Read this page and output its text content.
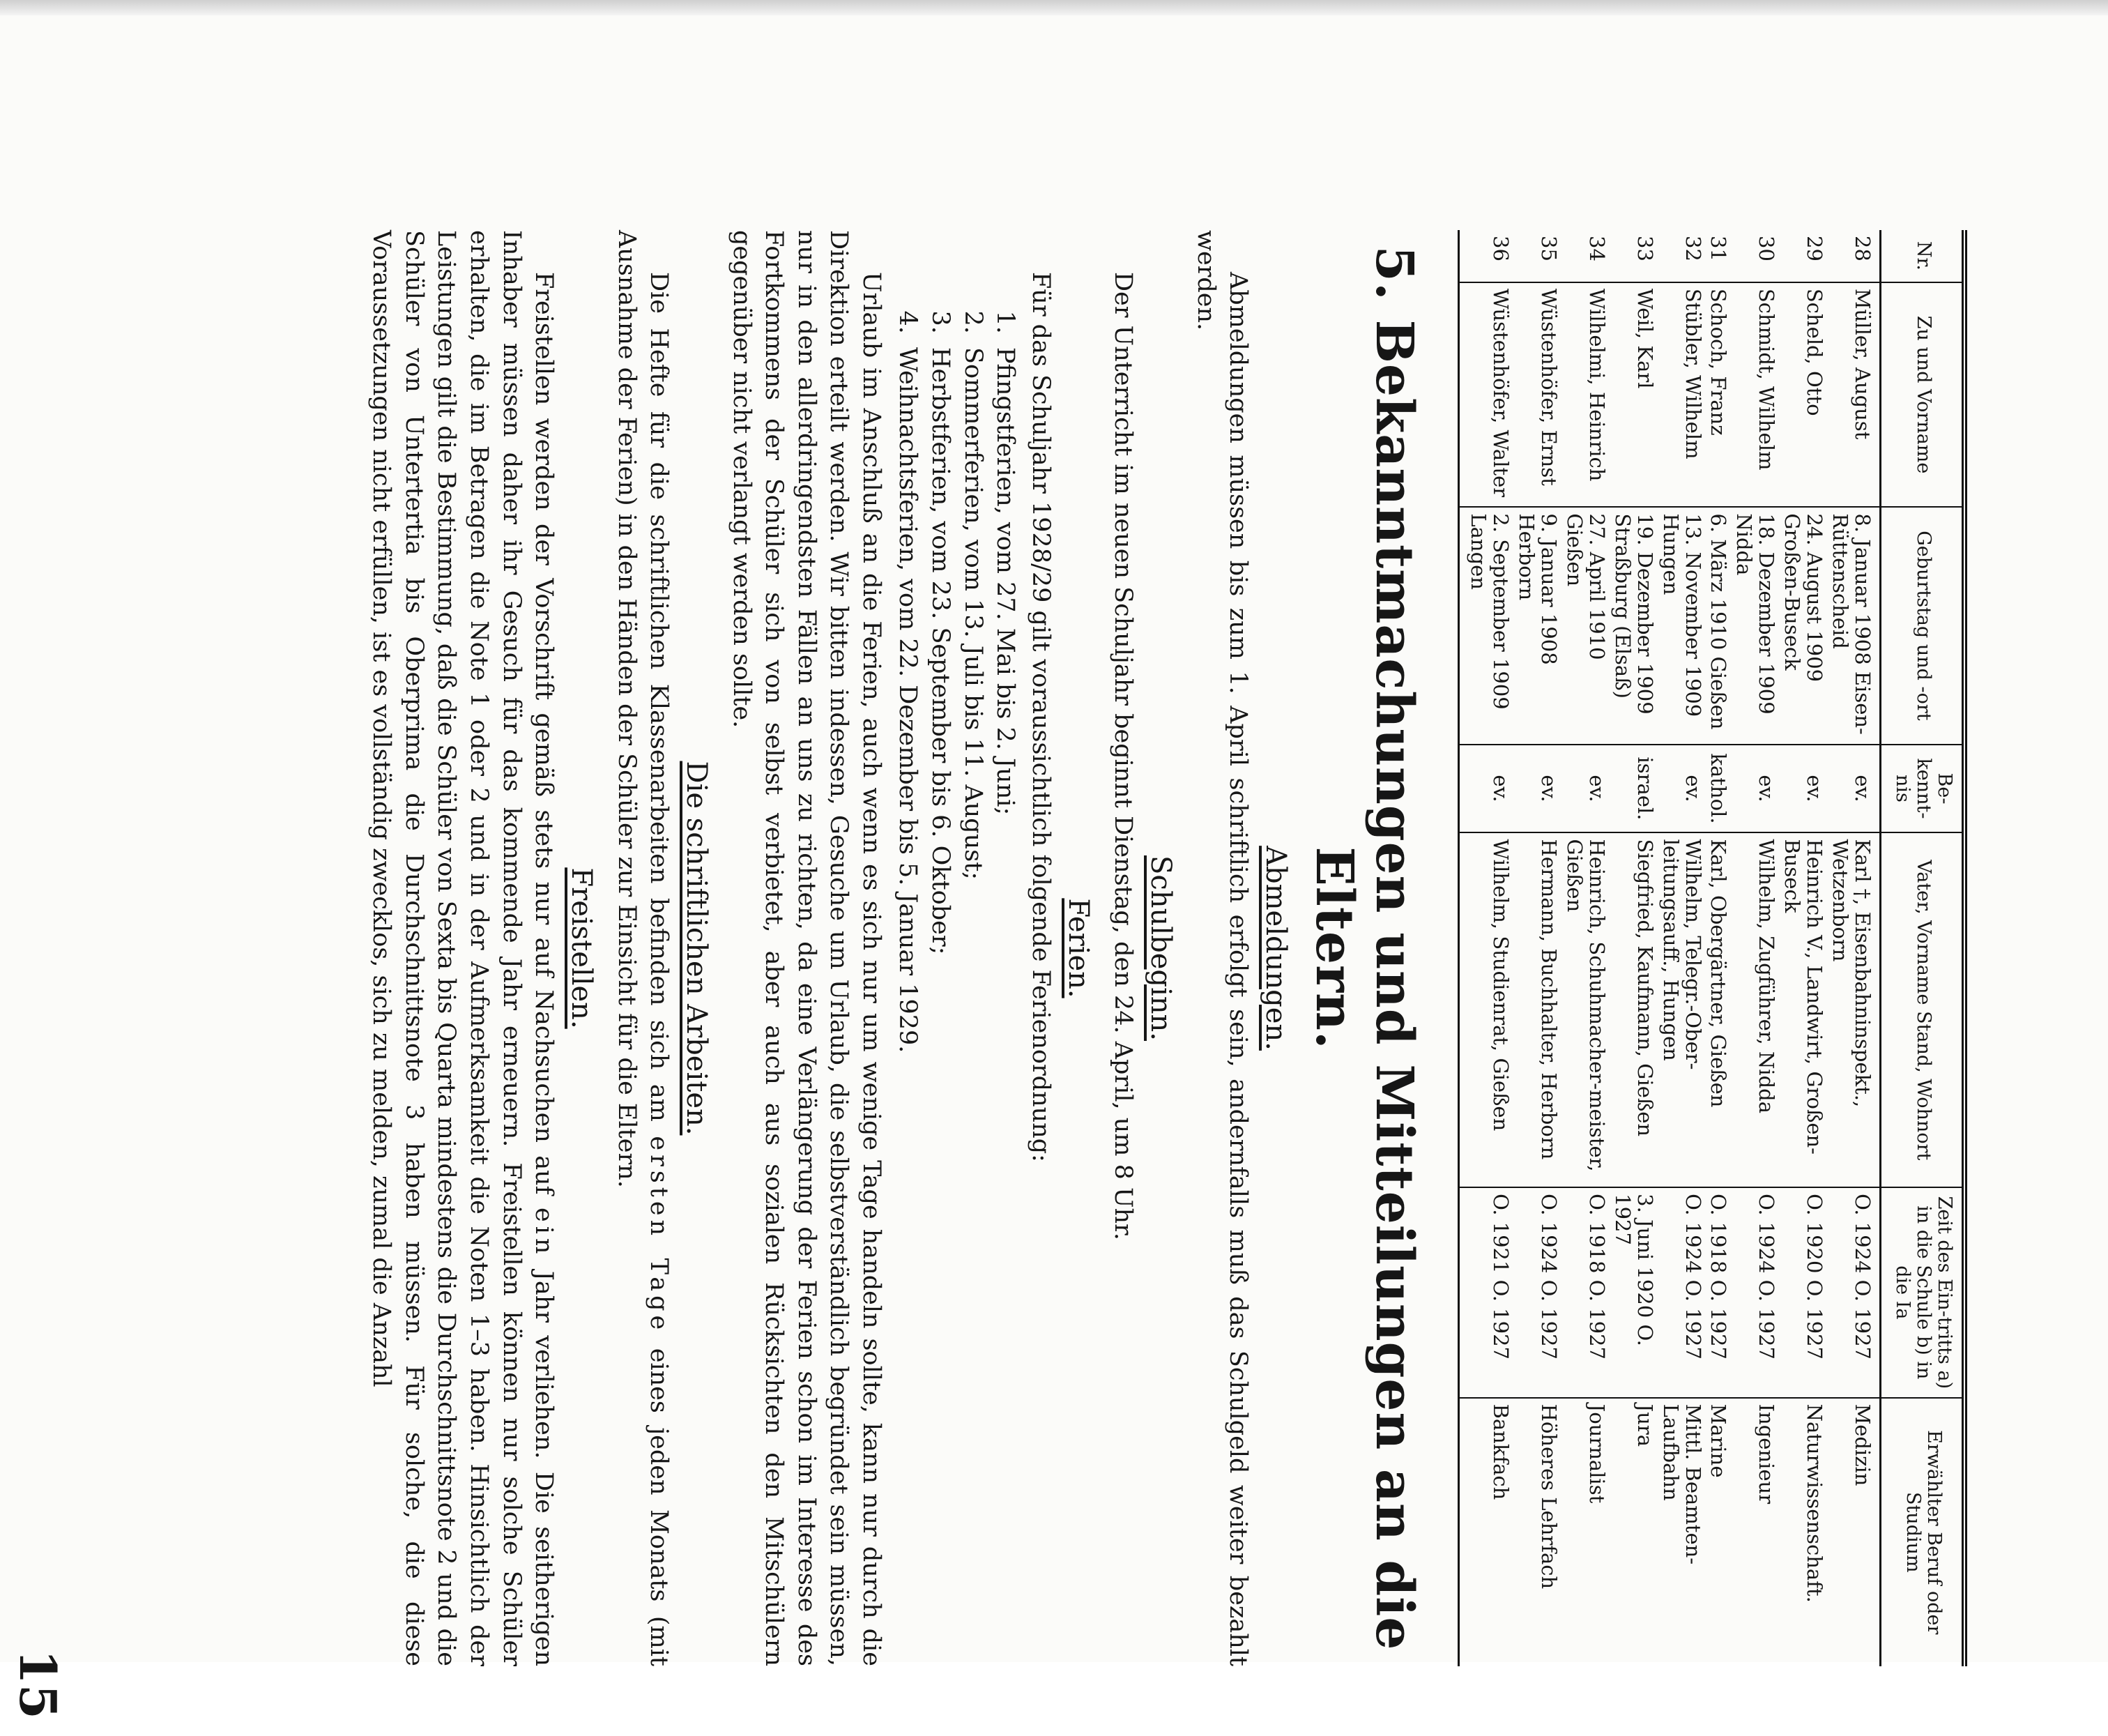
Nr.	Zu und Vorname	Geburtstag und -ort	Be-kennt-nis	Vater, Vorname Stand, Wohnort	Zeit des Ein-tritts a) in die Schule b) in die Ia	Erwählter Beruf oder Studium
28	Müller, August	8. Januar 1908 Eisen-Rüttenscheid	ev.	Karl †, Eisenbahninspekt., Wetzenborn	O. 1924 O. 1927	Medizin
29	Scheld, Otto	24. August 1909 Großen-Buseck	ev.	Heinrich V., Landwirt, Großen-Buseck	O. 1920 O. 1927	Naturwissenschaft.
30	Schmidt, Wilhelm	18. Dezember 1909 Nidda	ev.	Wilhelm, Zugführer, Nidda	O. 1924 O. 1927	Ingenieur
31	Schoch, Franz	6. März 1910 Gießen	kathol.	Karl, Obergärtner, Gießen	O. 1918 O. 1927	Marine
32	Stübler, Wilhelm	13. November 1909 Hungen	ev.	Wilhelm, Telegr.-Ober-leitungsauff., Hungen	O. 1924 O. 1927	Mittl. Beamten-Laufbahn
33	Weil, Karl	19. Dezember 1909 Straßburg (Elsaß)	israel.	Siegfried, Kaufmann, Gießen	3. Juni 1920 O. 1927	Jura
34	Wilhelmi, Heinrich	27. April 1910 Gießen	ev.	Heinrich, Schuhmacher-meister, Gießen	O. 1918 O. 1927	Journalist
35	Wüstenhöfer, Ernst	9. Januar 1908 Herborn	ev.	Hermann, Buchhalter, Herborn	O. 1924 O. 1927	Höheres Lehrfach
36	Wüstenhöfer, Walter	2. September 1909 Langen	ev.	Wilhelm, Studienrat, Gießen	O. 1921 O. 1927	Bankfach
5. Bekanntmachungen und Mitteilungen an die Eltern.
Abmeldungen.

Abmeldungen müssen bis zum 1. April schriftlich erfolgt sein, andernfalls muß das Schulgeld weiter bezahlt werden.

Schulbeginn.

Der Unterricht im neuen Schuljahr beginnt Dienstag, den 24. April, um 8 Uhr.

Ferien.

Für das Schuljahr 1928/29 gilt voraussichtlich folgende Ferienordnung:

1. Pfingstferien, vom 27. Mai bis 2. Juni;
2. Sommerferien, vom 13. Juli bis 11. August;
3. Herbstferien, vom 23. September bis 6. Oktober;
4. Weihnachtsferien, vom 22. Dezember bis 5. Januar 1929.

Urlaub im Anschluß an die Ferien, auch wenn es sich nur um wenige Tage handeln sollte, kann nur durch die Direktion erteilt werden. Wir bitten indessen, Gesuche um Urlaub, die selbstverständlich begründet sein müssen, nur in den allerdringendsten Fällen an uns zu richten, da eine Verlängerung der Ferien schon im Interesse des Fortkommens der Schüler sich von selbst verbietet, aber auch aus sozialen Rücksichten den Mitschülern gegenüber nicht verlangt werden sollte.

Die schriftlichen Arbeiten.

Die Hefte für die schriftlichen Klassenarbeiten befinden sich am ersten Tage eines jeden Monats (mit Ausnahme der Ferien) in den Händen der Schüler zur Einsicht für die Eltern.

Freistellen.

Freistellen werden der Vorschrift gemäß stets nur auf Nachsuchen auf ein Jahr verliehen. Die seitherigen Inhaber müssen daher ihr Gesuch für das kommende Jahr erneuern. Freistellen können nur solche Schüler erhalten, die im Betragen die Note 1 oder 2 und in der Aufmerksamkeit die Noten 1–3 haben. Hinsichtlich der Leistungen gilt die Bestimmung, daß die Schüler von Sexta bis Quarta mindestens die Durchschnittsnote 2 und die Schüler von Untertertia bis Oberprima die Durchschnittsnote 3 haben müssen. Für solche, die diese Voraussetzungen nicht erfüllen, ist es vollständig zwecklos, sich zu melden, zumal die Anzahl

15
